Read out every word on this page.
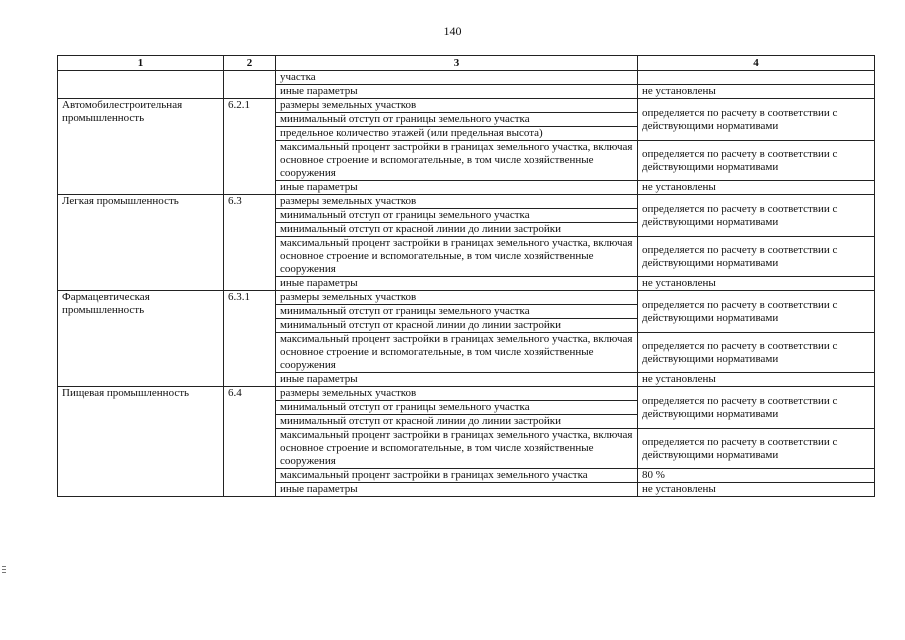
140
1	2	3	4
		участка	
		иные параметры	не установлены
Автомобилестроительная промышленность	6.2.1	размеры земельных участков	определяется по расчету в соответствии с действующими нормативами
		минимальный отступ от границы земельного участка	
		предельное количество этажей (или предельная высота)	
		максимальный процент застройки в границах земельного участка, включая основное строение и вспомогательные, в том числе хозяйственные сооружения	определяется по расчету в соответствии с действующими нормативами
		иные параметры	не установлены
Легкая промышленность	6.3	размеры земельных участков	определяется по расчету в соответствии с действующими нормативами
		минимальный отступ от границы земельного участка	
		минимальный отступ от красной линии до линии застройки	
		максимальный процент застройки в границах земельного участка, включая основное строение и вспомогательные, в том числе хозяйственные сооружения	определяется по расчету в соответствии с действующими нормативами
		иные параметры	не установлены
Фармацевтическая промышленность	6.3.1	размеры земельных участков	определяется по расчету в соответствии с действующими нормативами
		минимальный отступ от границы земельного участка	
		минимальный отступ от красной линии до линии застройки	
		максимальный процент застройки в границах земельного участка, включая основное строение и вспомогательные, в том числе хозяйственные сооружения	определяется по расчету в соответствии с действующими нормативами
		иные параметры	не установлены
Пищевая промышленность	6.4	размеры земельных участков	определяется по расчету в соответствии с действующими нормативами
		минимальный отступ от границы земельного участка	
		минимальный отступ от красной линии до линии застройки	
		максимальный процент застройки в границах земельного участка, включая основное строение и вспомогательные, в том числе хозяйственные сооружения	определяется по расчету в соответствии с действующими нормативами
		максимальный процент застройки в границах земельного участка	80 %
		иные параметры	не установлены
